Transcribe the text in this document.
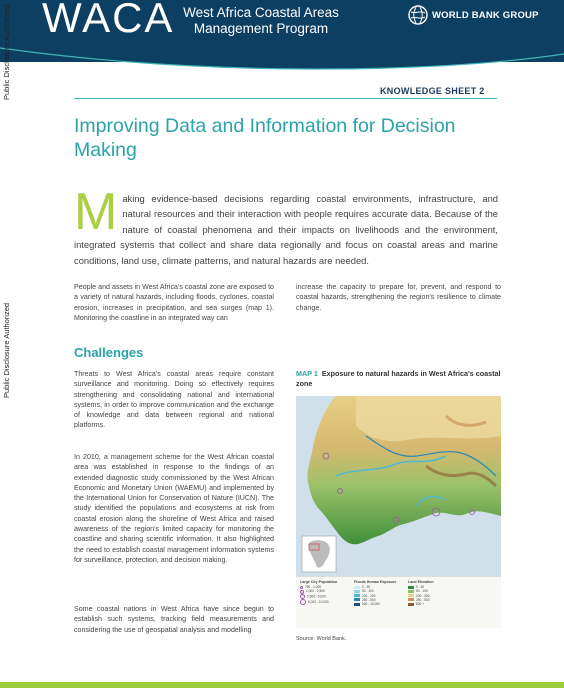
WACA West Africa Coastal Areas
Management Program
WORLD BANK GROUP
Public Disclosure Authorized
Public Disclosure Authorized
KNOWLEDGE SHEET 2
Improving Data and Information for Decision Making
M aking evidence-based decisions regarding coastal environments, infrastructure, and natural resources and their interaction with people requires accurate data. Because of the nature of coastal phenomena and their impacts on livelihoods and the environment, integrated systems that collect and share data regionally and focus on coastal areas and marine conditions, land use, climate patterns, and natural hazards are needed.

People and assets in West Africa's coastal zone are exposed to a variety of natural hazards, including floods, cyclones, coastal erosion, increases in precipitation, and sea surges (map 1). Monitoring the coastline in an integrated way can

increase the capacity to prepare for, prevent, and respond to coastal hazards, strengthening the region's resilience to climate change.

Challenges

Threats to West Africa's coastal areas require constant surveillance and monitoring. Doing so effectively requires strengthening and consolidating national and international systems, in order to improve communication and the exchange of knowledge and data between regional and national platforms.

In 2010, a management scheme for the West African coastal area was established in response to the findings of an extended diagnostic study commissioned by the West African Economic and Monetary Union (WAEMU) and implemented by the International Union for Conservation of Nature (IUCN). The study identified the populations and ecosystems at risk from coastal erosion along the shoreline of West Africa and raised awareness of the region's limited capacity for monitoring the coastline and sharing scientific information. It also highlighted the need to establish coastal management information systems for surveillance, protection, and decision making.

Some coastal nations in West Africa have since begun to establish such systems, tracking field measurements and considering the use of geospatial analysis and modelling

MAP 1 Exposure to natural hazards in West Africa's coastal zone
Large City Population
750 - 1,000
1,000 - 2,500
2,500 - 5,000
5,000 - 10,000
Floods Human Exposure
0 - 50
50 - 100
100 - 250
250 - 500
500 - 10,000
Land Elevation
0 - 50
50 - 100
100 - 250
250 - 500
500 +
Source: World Bank.
